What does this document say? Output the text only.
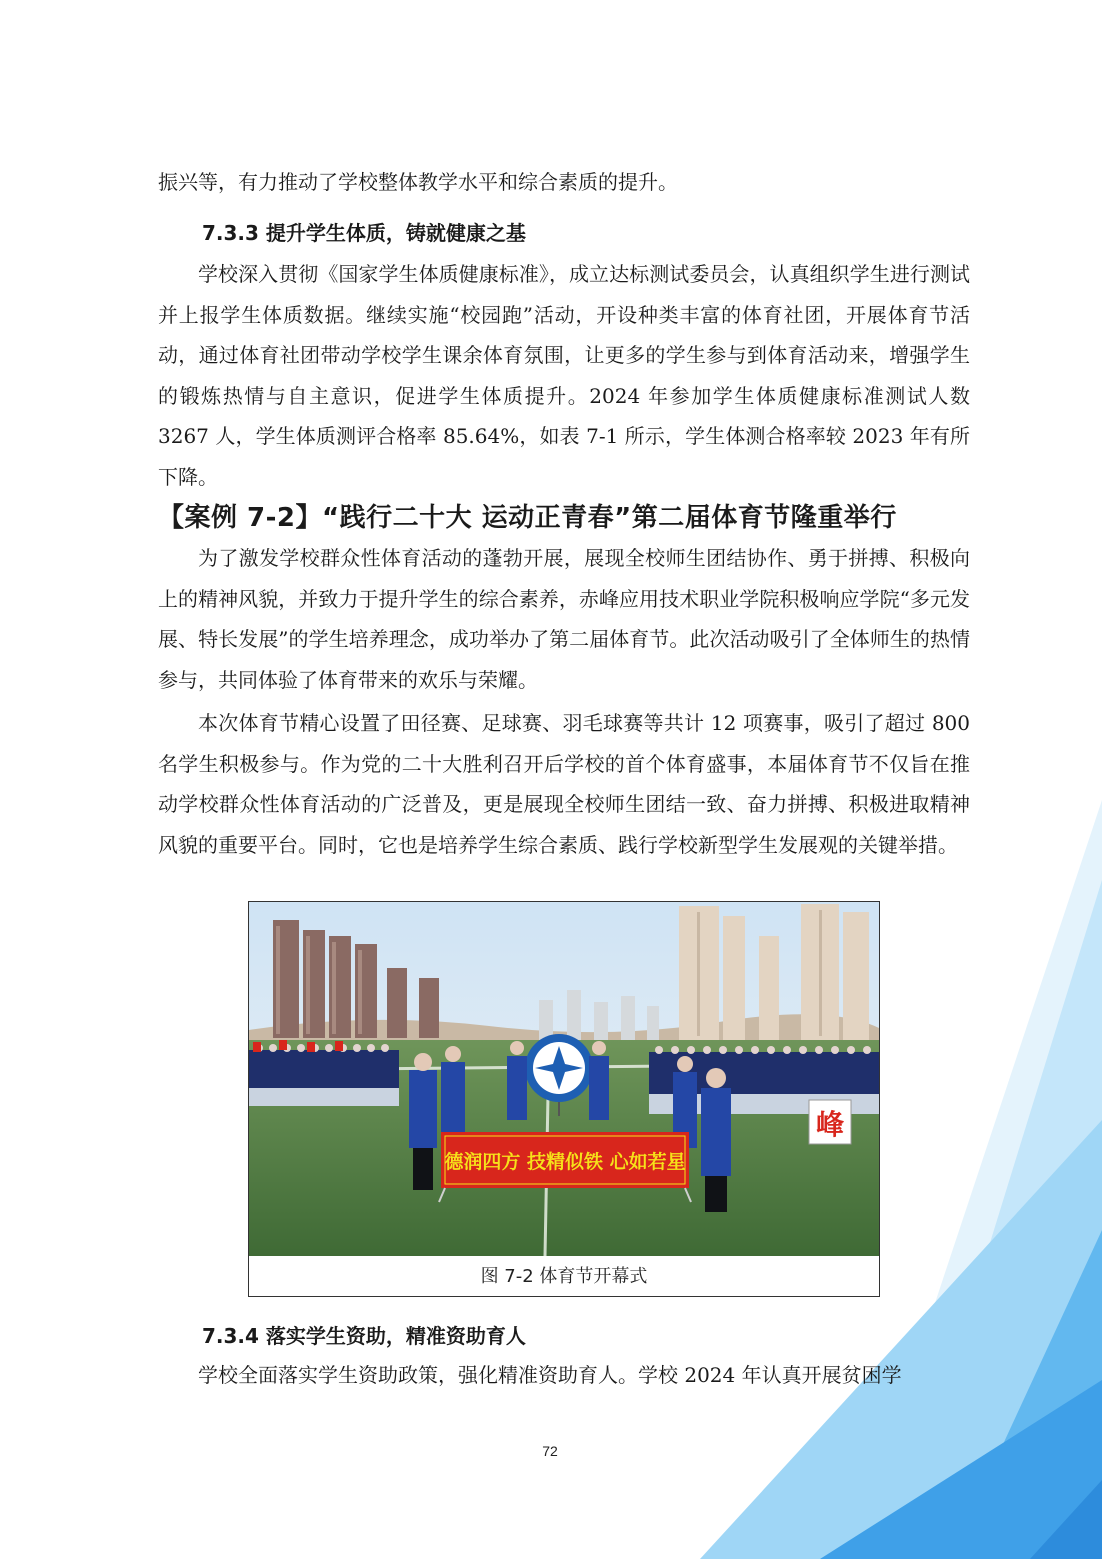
振兴等，有力推动了学校整体教学水平和综合素质的提升。

7.3.3 提升学生体质，铸就健康之基

学校深入贯彻《国家学生体质健康标准》，成立达标测试委员会，认真组织学生进行测试并上报学生体质数据。继续实施“校园跑”活动，开设种类丰富的体育社团，开展体育节活动，通过体育社团带动学校学生课余体育氛围，让更多的学生参与到体育活动来，增强学生的锻炼热情与自主意识，促进学生体质提升。2024 年参加学生体质健康标准测试人数 3267 人，学生体质测评合格率 85.64%，如表 7-1 所示，学生体测合格率较 2023 年有所下降。

【案例 7-2】“践行二十大 运动正青春”第二届体育节隆重举行

为了激发学校群众性体育活动的蓬勃开展，展现全校师生团结协作、勇于拼搏、积极向上的精神风貌，并致力于提升学生的综合素养，赤峰应用技术职业学院积极响应学院“多元发展、特长发展”的学生培养理念，成功举办了第二届体育节。此次活动吸引了全体师生的热情参与，共同体验了体育带来的欢乐与荣耀。

本次体育节精心设置了田径赛、足球赛、羽毛球赛等共计 12 项赛事，吸引了超过 800 名学生积极参与。作为党的二十大胜利召开后学校的首个体育盛事，本届体育节不仅旨在推动学校群众性体育活动的广泛普及，更是展现全校师生团结一致、奋力拼搏、积极进取精神风貌的重要平台。同时，它也是培养学生综合素质、践行学校新型学生发展观的关键举措。

7.3.4 落实学生资助，精准资助育人

学校全面落实学生资助政策，强化精准资助育人。学校 2024 年认真开展贫困学

峰
德润四方 技精似铁 心如若星
图 7-2 体育节开幕式
72
